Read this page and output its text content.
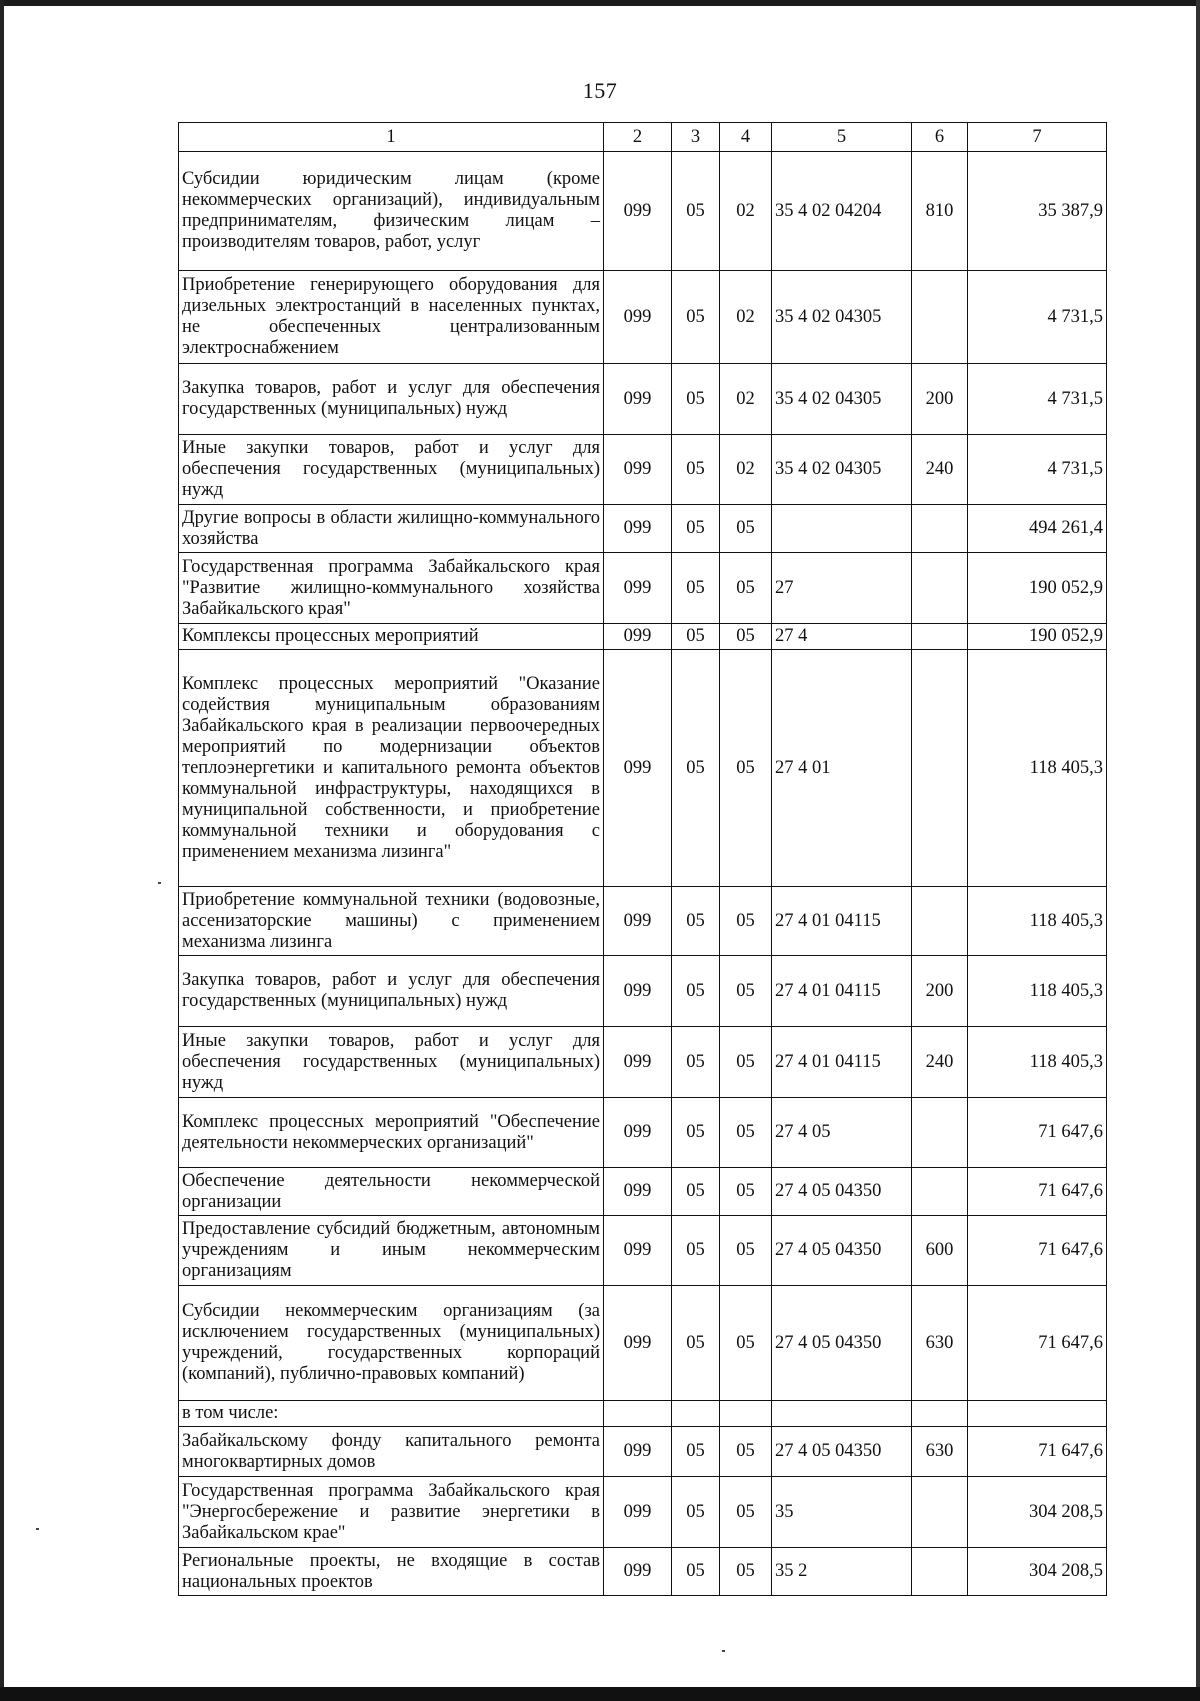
157
1	2	3	4	5	6	7
Субсидии юридическим лицам (кроме некоммерческих организаций), индивидуальным предпринимателям, физическим лицам – производителям товаров, работ, услуг	099	05	02	35 4 02 04204	810	35 387,9
Приобретение генерирующего оборудования для дизельных электростанций в населенных пунктах, не обеспеченных централизованным электроснабжением	099	05	02	35 4 02 04305		4 731,5
Закупка товаров, работ и услуг для обеспечения государственных (муниципальных) нужд	099	05	02	35 4 02 04305	200	4 731,5
Иные закупки товаров, работ и услуг для обеспечения государственных (муниципальных) нужд	099	05	02	35 4 02 04305	240	4 731,5
Другие вопросы в области жилищно-коммунального хозяйства	099	05	05			494 261,4
Государственная программа Забайкальского края "Развитие жилищно-коммунального хозяйства Забайкальского края"	099	05	05	27		190 052,9
Комплексы процессных мероприятий	099	05	05	27 4		190 052,9
Комплекс процессных мероприятий "Оказание содействия муниципальным образованиям Забайкальского края в реализации первоочередных мероприятий по модернизации объектов теплоэнергетики и капитального ремонта объектов коммунальной инфраструктуры, находящихся в муниципальной собственности, и приобретение коммунальной техники и оборудования с применением механизма лизинга"	099	05	05	27 4 01		118 405,3
Приобретение коммунальной техники (водовозные, ассенизаторские машины) с применением механизма лизинга	099	05	05	27 4 01 04115		118 405,3
Закупка товаров, работ и услуг для обеспечения государственных (муниципальных) нужд	099	05	05	27 4 01 04115	200	118 405,3
Иные закупки товаров, работ и услуг для обеспечения государственных (муниципальных) нужд	099	05	05	27 4 01 04115	240	118 405,3
Комплекс процессных мероприятий "Обеспечение деятельности некоммерческих организаций"	099	05	05	27 4 05		71 647,6
Обеспечение деятельности некоммерческой организации	099	05	05	27 4 05 04350		71 647,6
Предоставление субсидий бюджетным, автономным учреждениям и иным некоммерческим организациям	099	05	05	27 4 05 04350	600	71 647,6
Субсидии некоммерческим организациям (за исключением государственных (муниципальных) учреждений, государственных корпораций (компаний), публично-правовых компаний)	099	05	05	27 4 05 04350	630	71 647,6
в том числе:						
Забайкальскому фонду капитального ремонта многоквартирных домов	099	05	05	27 4 05 04350	630	71 647,6
Государственная программа Забайкальского края "Энергосбережение и развитие энергетики в Забайкальском крае"	099	05	05	35		304 208,5
Региональные проекты, не входящие в состав национальных проектов	099	05	05	35 2		304 208,5
